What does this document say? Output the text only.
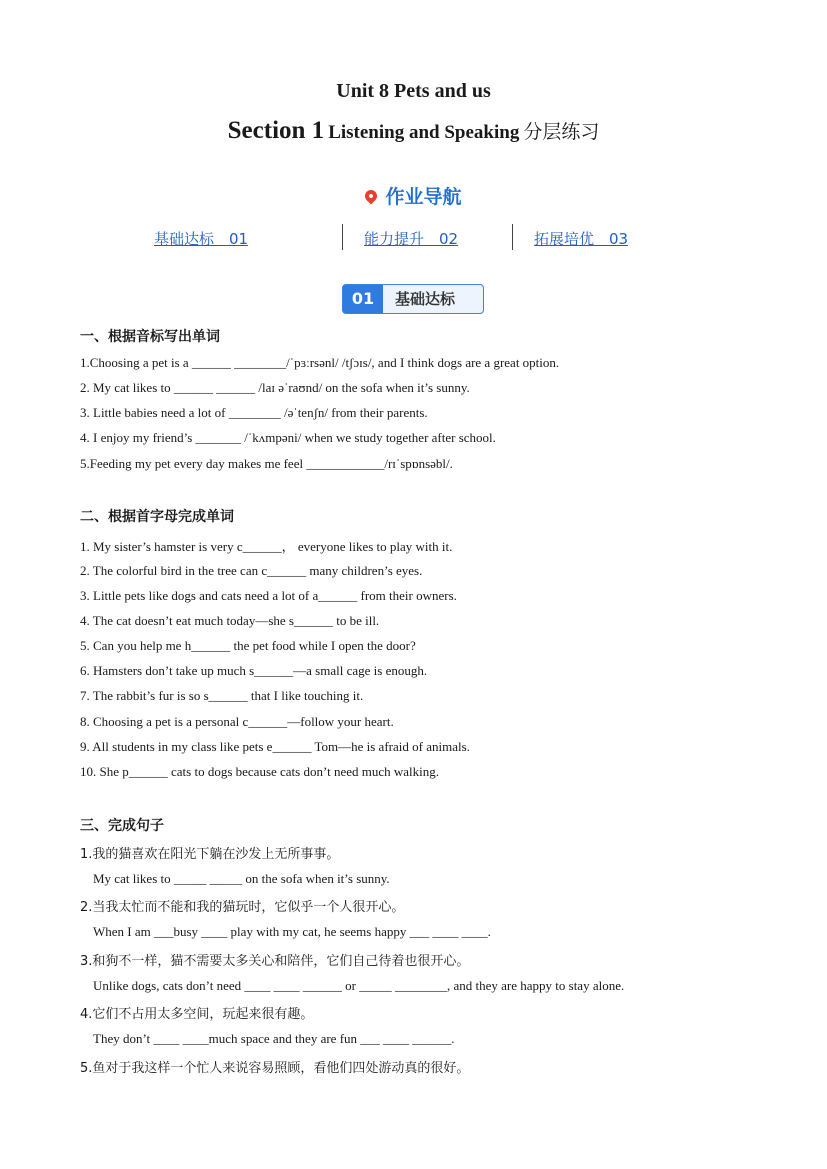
Unit 8 Pets and us
Section 1 Listening and Speaking 分层练习
作业导航
基础达标　01	能力提升　02	拓展培优　03
01	基础达标
一、根据音标写出单词
1.Choosing a pet is a ______ ________/ˈpɜːrsənl/ /tʃɔɪs/, and I think dogs are a great option.
2. My cat likes to ______ ______ /laɪ əˈraʊnd/ on the sofa when it’s sunny.
3. Little babies need a lot of ________ /əˈtenʃn/ from their parents.
4. I enjoy my friend’s _______ /ˈkʌmpəni/ when we study together after school.
5.Feeding my pet every day makes me feel ____________/rɪˈspɒnsəbl/.
二、根据首字母完成单词
1. My sister’s hamster is very c______， everyone likes to play with it.
2. The colorful bird in the tree can c______ many children’s eyes.
3. Little pets like dogs and cats need a lot of a______ from their owners.
4. The cat doesn’t eat much today—she s______ to be ill.
5. Can you help me h______ the pet food while I open the door?
6. Hamsters don’t take up much s______—a small cage is enough.
7. The rabbit’s fur is so s______ that I like touching it.
8. Choosing a pet is a personal c______—follow your heart.
9. All students in my class like pets e______ Tom—he is afraid of animals.
10. She p______ cats to dogs because cats don’t need much walking.
三、完成句子
1.我的猫喜欢在阳光下躺在沙发上无所事事。
My cat likes to _____ _____ on the sofa when it’s sunny.
2.当我太忙而不能和我的猫玩时，它似乎一个人很开心。
When I am ___busy ____ play with my cat, he seems happy ___ ____ ____.
3.和狗不一样，猫不需要太多关心和陪伴，它们自己待着也很开心。
Unlike dogs, cats don’t need ____ ____ ______ or _____ ________, and they are happy to stay alone.
4.它们不占用太多空间，玩起来很有趣。
They don’t ____ ____much space and they are fun ___ ____ ______.
5.鱼对于我这样一个忙人来说容易照顾，看他们四处游动真的很好。
